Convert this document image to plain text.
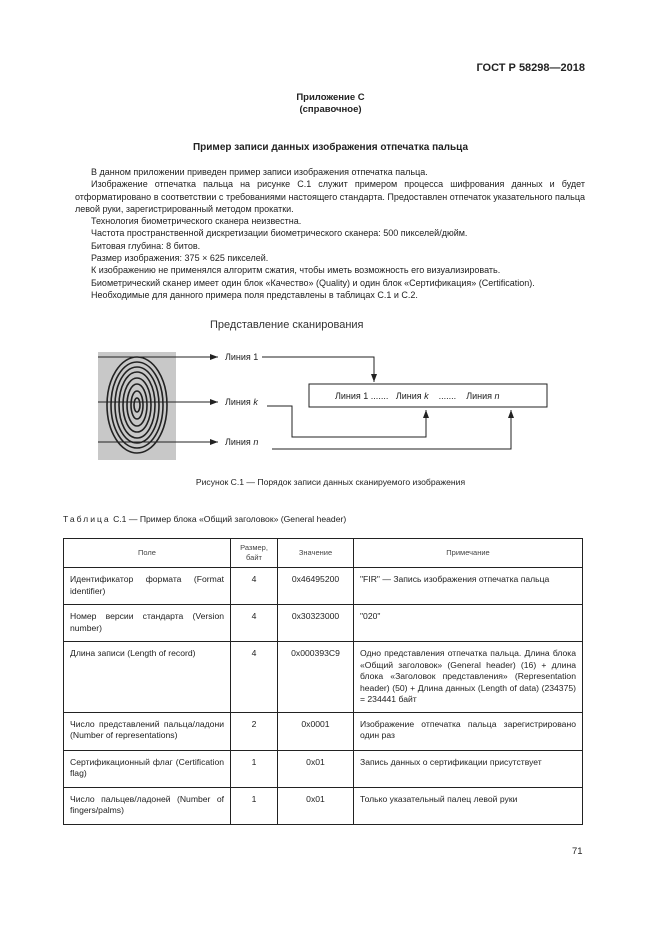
ГОСТ Р 58298—2018
Приложение С
(справочное)
Пример записи данных изображения отпечатка пальца

В данном приложении приведен пример записи изображения отпечатка пальца.

Изображение отпечатка пальца на рисунке С.1 служит примером процесса шифрования данных и будет отформатировано в соответствии с требованиями настоящего стандарта. Предоставлен отпечаток указательного пальца левой руки, зарегистрированный методом прокатки.

Технология биометрического сканера неизвестна.

Частота пространственной дискретизации биометрического сканера: 500 пикселей/дюйм.

Битовая глубина: 8 битов.

Размер изображения: 375 × 625 пикселей.

К изображению не применялся алгоритм сжатия, чтобы иметь возможность его визуализировать.

Биометрический сканер имеет один блок «Качество» (Quality) и один блок «Сертификация» (Certification).

Необходимые для данного примера поля представлены в таблицах С.1 и С.2.

Представление сканирования
Линия 1
Линия k
Линия n
Линия 1 ....... Линия k ....... Линия n
Рисунок С.1 — Порядок записи данных сканируемого изображения
Таблица С.1 — Пример блока «Общий заголовок» (General header)
Поле	Размер, байт	Значение	Примечание
Идентификатор формата (Format identifier)	4	0x46495200	"FIR" — Запись изображения отпечатка пальца
Номер версии стандарта (Version number)	4	0x30323000	"020"
Длина записи (Length of record)	4	0x000393C9	Одно представления отпечатка пальца. Длина блока «Общий заголовок» (General header) (16) + длина блока «Заголовок представления» (Representation header) (50) + Длина данных (Length of data) (234375) = 234441 байт
Число представлений пальца/ладони (Number of representations)	2	0x0001	Изображение отпечатка пальца зарегистрировано один раз
Сертификационный флаг (Certification flag)	1	0x01	Запись данных о сертификации присутствует
Число пальцев/ладоней (Number of fingers/palms)	1	0x01	Только указательный палец левой руки
71
